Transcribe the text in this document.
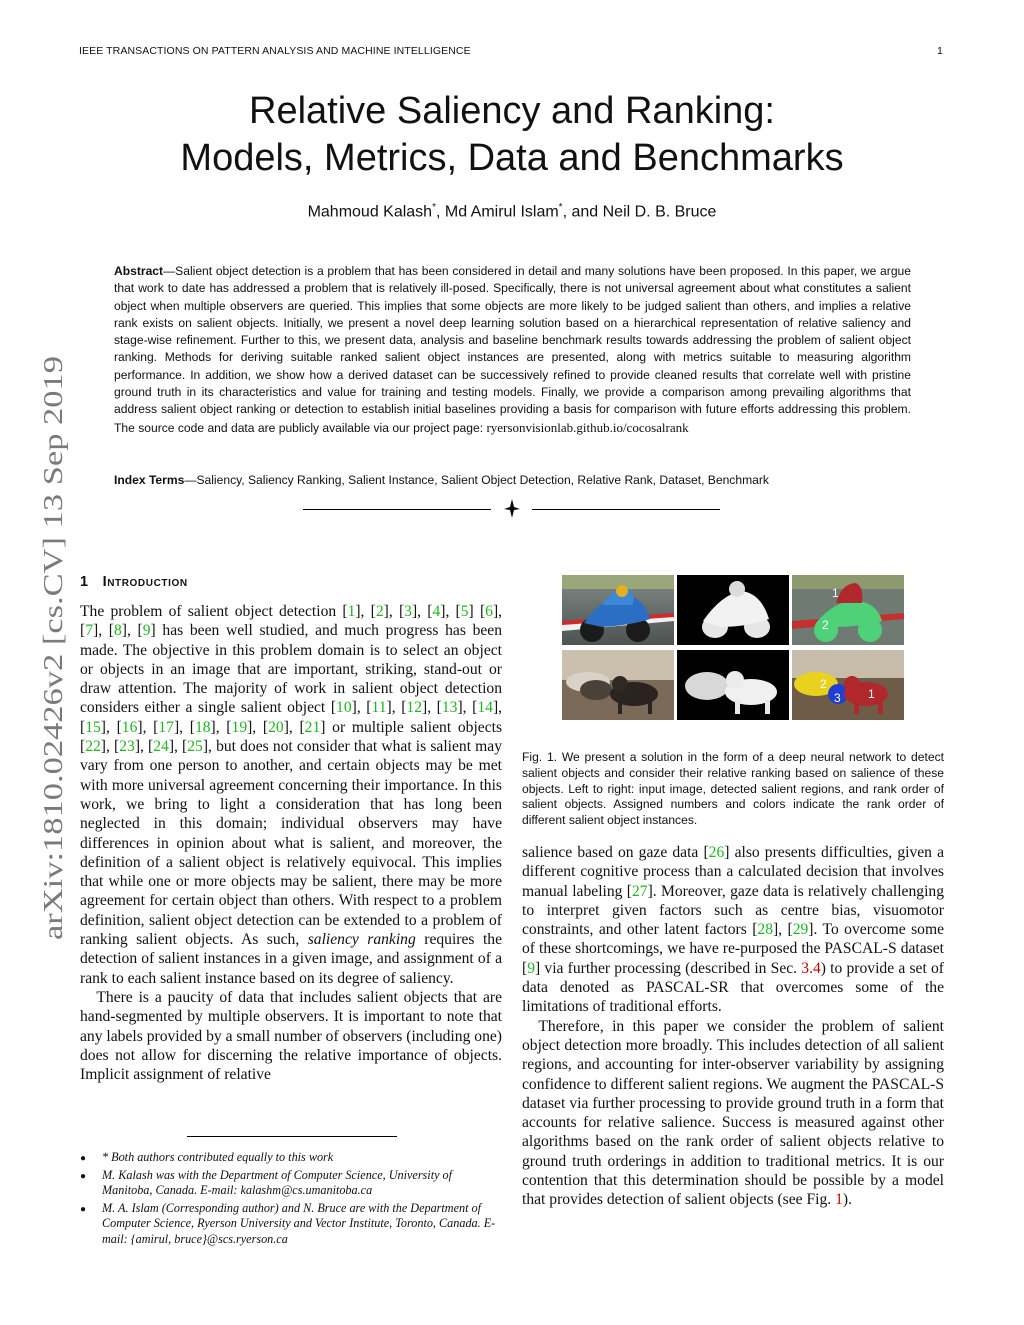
IEEE TRANSACTIONS ON PATTERN ANALYSIS AND MACHINE INTELLIGENCE	1
Relative Saliency and Ranking:
Models, Metrics, Data and Benchmarks
Mahmoud Kalash*, Md Amirul Islam*, and Neil D. B. Bruce
Abstract—Salient object detection is a problem that has been considered in detail and many solutions have been proposed. In this paper, we argue that work to date has addressed a problem that is relatively ill-posed. Specifically, there is not universal agreement about what constitutes a salient object when multiple observers are queried. This implies that some objects are more likely to be judged salient than others, and implies a relative rank exists on salient objects. Initially, we present a novel deep learning solution based on a hierarchical representation of relative saliency and stage-wise refinement. Further to this, we present data, analysis and baseline benchmark results towards addressing the problem of salient object ranking. Methods for deriving suitable ranked salient object instances are presented, along with metrics suitable to measuring algorithm performance. In addition, we show how a derived dataset can be successively refined to provide cleaned results that correlate well with pristine ground truth in its characteristics and value for training and testing models. Finally, we provide a comparison among prevailing algorithms that address salient object ranking or detection to establish initial baselines providing a basis for comparison with future efforts addressing this problem. The source code and data are publicly available via our project page: ryersonvisionlab.github.io/cocosalrank
Index Terms—Saliency, Saliency Ranking, Salient Instance, Salient Object Detection, Relative Rank, Dataset, Benchmark
arXiv:1810.02426v2 [cs.CV] 13 Sep 2019 1 Introduction

The problem of salient object detection [1], [2], [3], [4], [5] [6], [7], [8], [9] has been well studied, and much progress has been made. The objective in this problem domain is to select an object or objects in an image that are important, striking, stand-out or draw attention. The majority of work in salient object detection considers either a single salient object [10], [11], [12], [13], [14], [15], [16], [17], [18], [19], [20], [21] or multiple salient objects [22], [23], [24], [25], but does not consider that what is salient may vary from one person to another, and certain objects may be met with more universal agreement concerning their importance. In this work, we bring to light a consideration that has long been neglected in this domain; individual observers may have differences in opinion about what is salient, and moreover, the definition of a salient object is relatively equivocal. This implies that while one or more objects may be salient, there may be more agreement for certain object than others. With respect to a problem definition, salient object detection can be extended to a problem of ranking salient objects. As such, saliency ranking requires the detection of salient instances in a given image, and assignment of a rank to each salient instance based on its degree of saliency.

There is a paucity of data that includes salient objects that are hand-segmented by multiple observers. It is important to note that any labels provided by a small number of observers (including one) does not allow for discerning the relative importance of objects. Implicit assignment of relative

● * Both authors contributed equally to this work
● M. Kalash was with the Department of Computer Science, University of Manitoba, Canada. E-mail: kalashm@cs.umanitoba.ca
● M. A. Islam (Corresponding author) and N. Bruce are with the Department of Computer Science, Ryerson University and Vector Institute, Toronto, Canada. E-mail: {amirul, bruce}@scs.ryerson.ca
1
2
2
3 1
Fig. 1. We present a solution in the form of a deep neural network to detect salient objects and consider their relative ranking based on salience of these objects. Left to right: input image, detected salient regions, and rank order of salient objects. Assigned numbers and colors indicate the rank order of different salient object instances.

salience based on gaze data [26] also presents difficulties, given a different cognitive process than a calculated decision that involves manual labeling [27]. Moreover, gaze data is relatively challenging to interpret given factors such as centre bias, visuomotor constraints, and other latent factors [28], [29]. To overcome some of these shortcomings, we have re-purposed the PASCAL-S dataset [9] via further processing (described in Sec. 3.4) to provide a set of data denoted as PASCAL-SR that overcomes some of the limitations of traditional efforts.

Therefore, in this paper we consider the problem of salient object detection more broadly. This includes detection of all salient regions, and accounting for inter-observer variability by assigning confidence to different salient regions. We augment the PASCAL-S dataset via further processing to provide ground truth in a form that accounts for relative salience. Success is measured against other algorithms based on the rank order of salient objects relative to ground truth orderings in addition to traditional metrics. It is our contention that this determination should be possible by a model that provides detection of salient objects (see Fig. 1).
